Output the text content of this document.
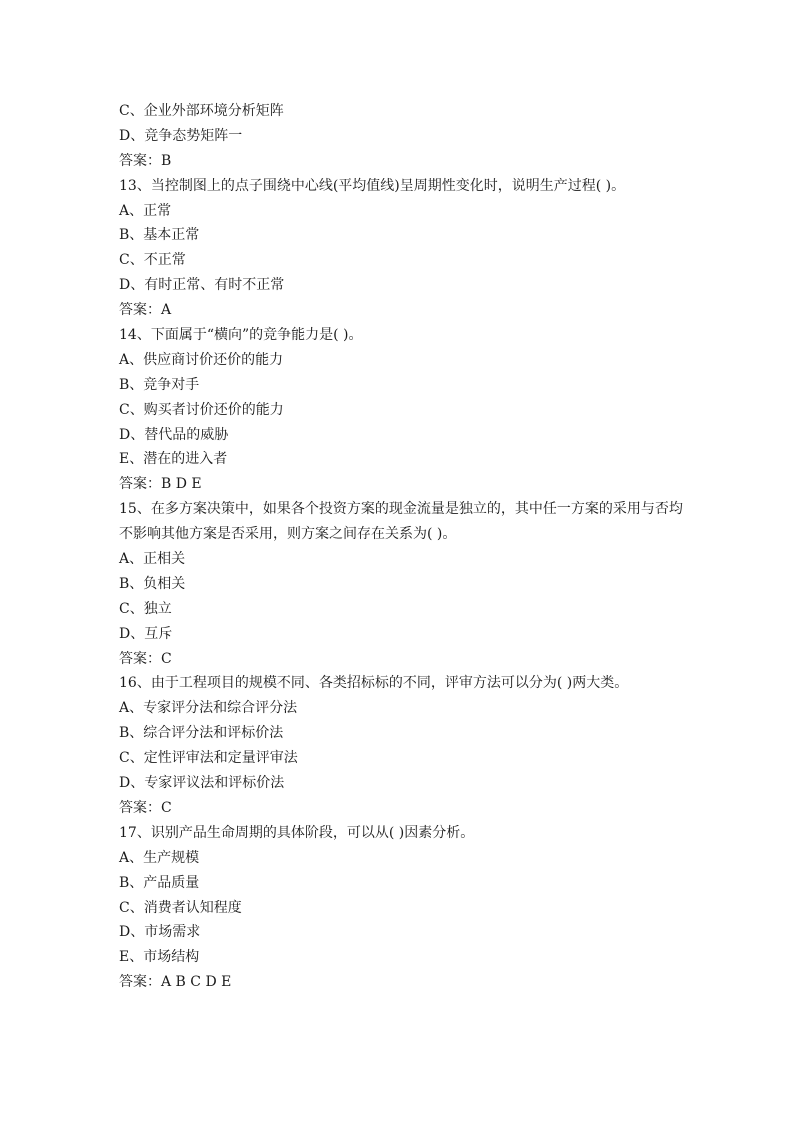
C、企业外部环境分析矩阵
D、竞争态势矩阵一
答案：B
13、当控制图上的点子围绕中心线(平均值线)呈周期性变化时，说明生产过程( )。
A、正常
B、基本正常
C、不正常
D、有时正常、有时不正常
答案：A
14、下面属于“横向”的竞争能力是( )。
A、供应商讨价还价的能力
B、竞争对手
C、购买者讨价还价的能力
D、替代品的威胁
E、潜在的进入者
答案：B D E
15、在多方案决策中，如果各个投资方案的现金流量是独立的，其中任一方案的采用与否均
不影响其他方案是否采用，则方案之间存在关系为( )。
A、正相关
B、负相关
C、独立
D、互斥
答案：C
16、由于工程项目的规模不同、各类招标标的不同，评审方法可以分为( )两大类。
A、专家评分法和综合评分法
B、综合评分法和评标价法
C、定性评审法和定量评审法
D、专家评议法和评标价法
答案：C
17、识别产品生命周期的具体阶段，可以从( )因素分析。
A、生产规模
B、产品质量
C、消费者认知程度
D、市场需求
E、市场结构
答案：A B C D E
